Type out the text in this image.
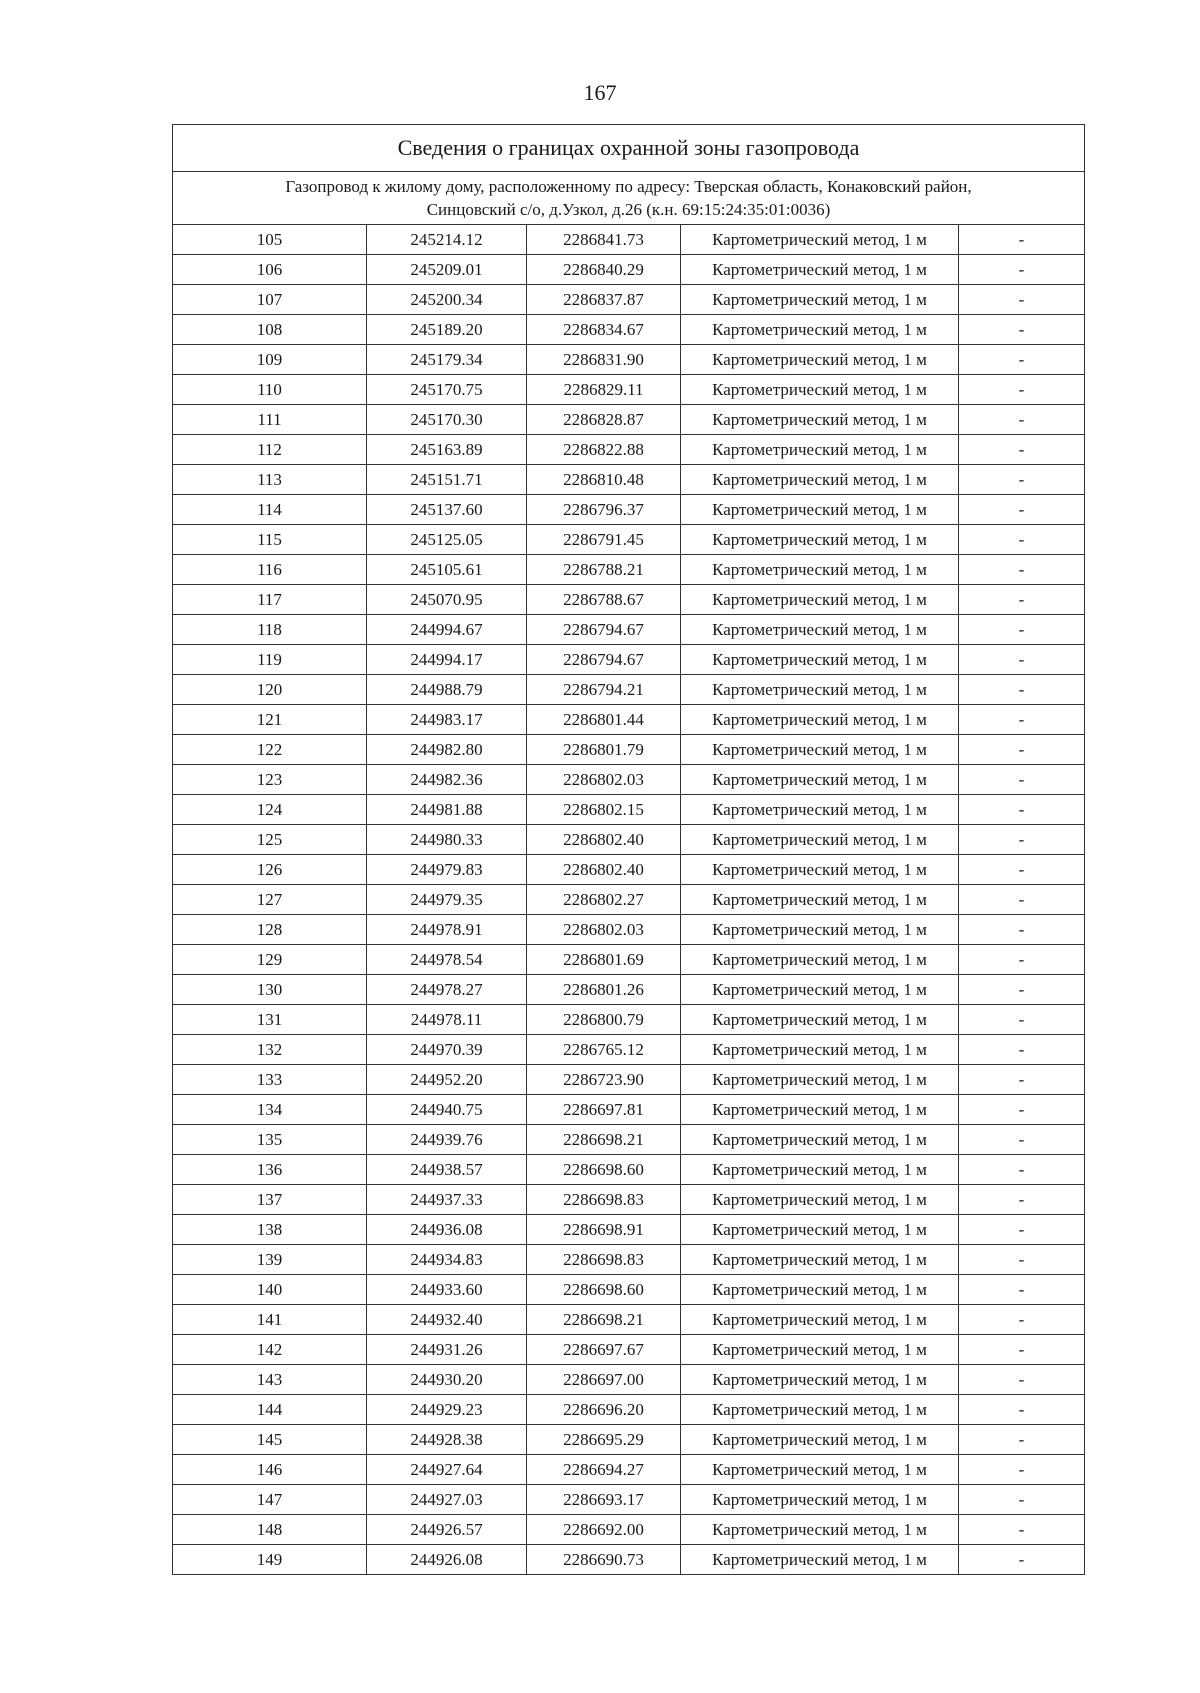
167
Сведения о границах охранной зоны газопровода				

Газопровод к жилому дому, расположенному по адресу: Тверская область, Конаковский район,
Синцовский с/о, д.Узкол, д.26 (к.н. 69:15:24:35:01:0036)				

105	245214.12	2286841.73	Картометрический метод, 1 м	-
106	245209.01	2286840.29	Картометрический метод, 1 м	-
107	245200.34	2286837.87	Картометрический метод, 1 м	-
108	245189.20	2286834.67	Картометрический метод, 1 м	-
109	245179.34	2286831.90	Картометрический метод, 1 м	-
110	245170.75	2286829.11	Картометрический метод, 1 м	-
111	245170.30	2286828.87	Картометрический метод, 1 м	-
112	245163.89	2286822.88	Картометрический метод, 1 м	-
113	245151.71	2286810.48	Картометрический метод, 1 м	-
114	245137.60	2286796.37	Картометрический метод, 1 м	-
115	245125.05	2286791.45	Картометрический метод, 1 м	-
116	245105.61	2286788.21	Картометрический метод, 1 м	-
117	245070.95	2286788.67	Картометрический метод, 1 м	-
118	244994.67	2286794.67	Картометрический метод, 1 м	-
119	244994.17	2286794.67	Картометрический метод, 1 м	-
120	244988.79	2286794.21	Картометрический метод, 1 м	-
121	244983.17	2286801.44	Картометрический метод, 1 м	-
122	244982.80	2286801.79	Картометрический метод, 1 м	-
123	244982.36	2286802.03	Картометрический метод, 1 м	-
124	244981.88	2286802.15	Картометрический метод, 1 м	-
125	244980.33	2286802.40	Картометрический метод, 1 м	-
126	244979.83	2286802.40	Картометрический метод, 1 м	-
127	244979.35	2286802.27	Картометрический метод, 1 м	-
128	244978.91	2286802.03	Картометрический метод, 1 м	-
129	244978.54	2286801.69	Картометрический метод, 1 м	-
130	244978.27	2286801.26	Картометрический метод, 1 м	-
131	244978.11	2286800.79	Картометрический метод, 1 м	-
132	244970.39	2286765.12	Картометрический метод, 1 м	-
133	244952.20	2286723.90	Картометрический метод, 1 м	-
134	244940.75	2286697.81	Картометрический метод, 1 м	-
135	244939.76	2286698.21	Картометрический метод, 1 м	-
136	244938.57	2286698.60	Картометрический метод, 1 м	-
137	244937.33	2286698.83	Картометрический метод, 1 м	-
138	244936.08	2286698.91	Картометрический метод, 1 м	-
139	244934.83	2286698.83	Картометрический метод, 1 м	-
140	244933.60	2286698.60	Картометрический метод, 1 м	-
141	244932.40	2286698.21	Картометрический метод, 1 м	-
142	244931.26	2286697.67	Картометрический метод, 1 м	-
143	244930.20	2286697.00	Картометрический метод, 1 м	-
144	244929.23	2286696.20	Картометрический метод, 1 м	-
145	244928.38	2286695.29	Картометрический метод, 1 м	-
146	244927.64	2286694.27	Картометрический метод, 1 м	-
147	244927.03	2286693.17	Картометрический метод, 1 м	-
148	244926.57	2286692.00	Картометрический метод, 1 м	-
149	244926.08	2286690.73	Картометрический метод, 1 м	-
